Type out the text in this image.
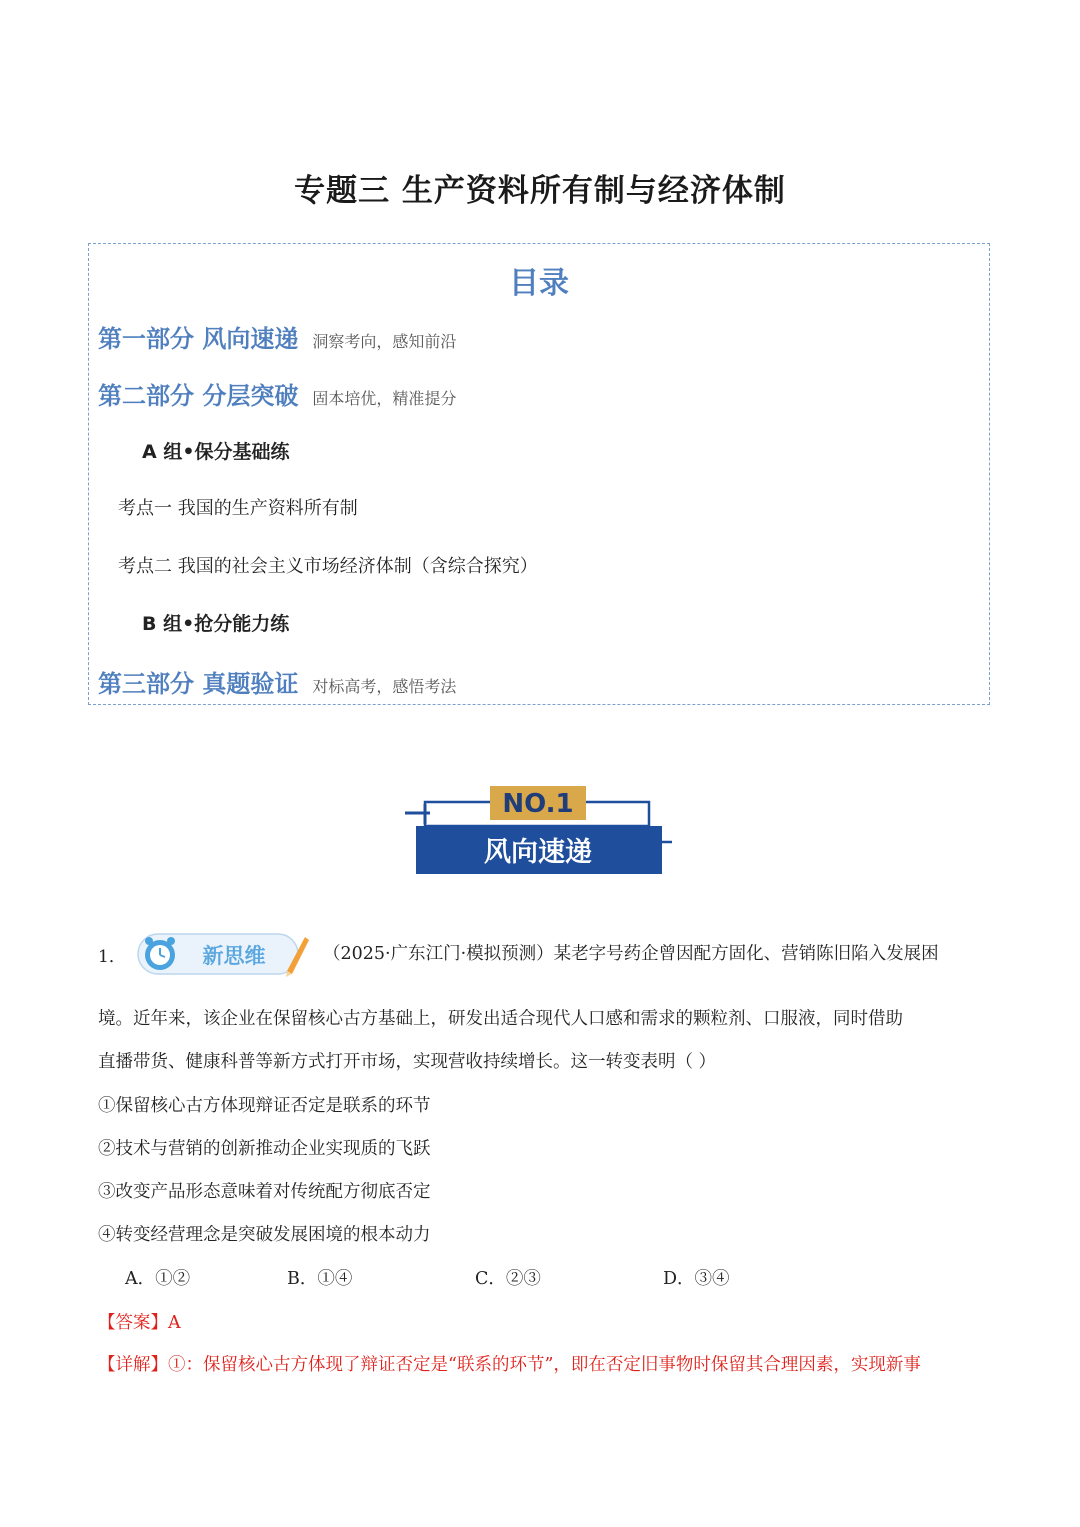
专题三 生产资料所有制与经济体制
目录
第一部分 风向速递 洞察考向，感知前沿
第二部分 分层突破 固本培优，精准提分
A 组•保分基础练
考点一 我国的生产资料所有制
考点二 我国的社会主义市场经济体制（含综合探究）
B 组•抢分能力练
第三部分 真题验证 对标高考，感悟考法
NO.1
风向速递
1．	新思维	（2025·广东江门·模拟预测）某老字号药企曾因配方固化、营销陈旧陷入发展困
境。近年来，该企业在保留核心古方基础上，研发出适合现代人口感和需求的颗粒剂、口服液，同时借助
直播带货、健康科普等新方式打开市场，实现营收持续增长。这一转变表明（ ）
①保留核心古方体现辩证否定是联系的环节
②技术与营销的创新推动企业实现质的飞跃
③改变产品形态意味着对传统配方彻底否定
④转变经营理念是突破发展困境的根本动力
A．①②	B．①④	C．②③	D．③④
【答案】A
【详解】①：保留核心古方体现了辩证否定是“联系的环节”，即在否定旧事物时保留其合理因素，实现新事
